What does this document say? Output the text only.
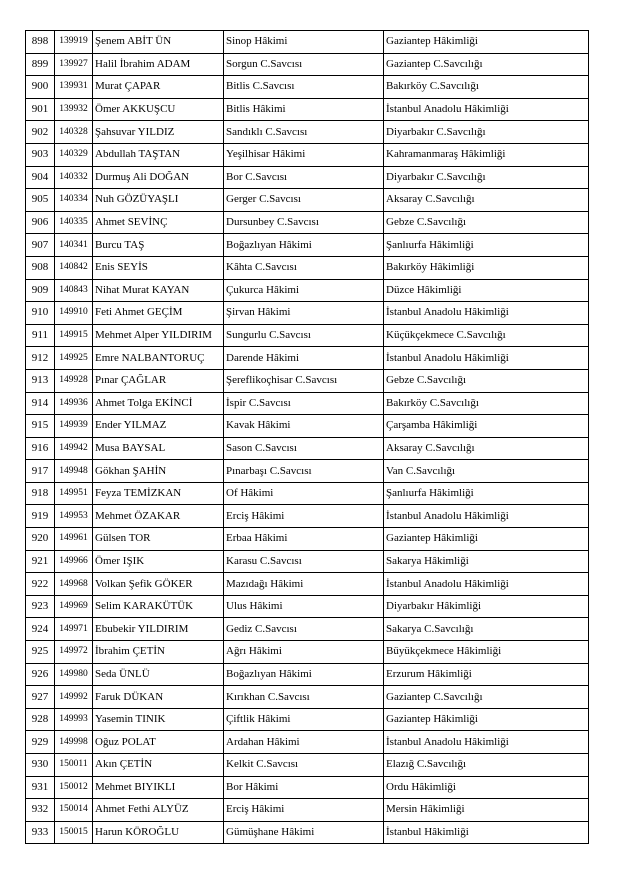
898	139919	Şenem ABİT ÜN	Sinop Hâkimi	Gaziantep Hâkimliği
899	139927	Halil İbrahim ADAM	Sorgun C.Savcısı	Gaziantep C.Savcılığı
900	139931	Murat ÇAPAR	Bitlis C.Savcısı	Bakırköy C.Savcılığı
901	139932	Ömer AKKUŞCU	Bitlis Hâkimi	İstanbul Anadolu Hâkimliği
902	140328	Şahsuvar YILDIZ	Sandıklı C.Savcısı	Diyarbakır C.Savcılığı
903	140329	Abdullah TAŞTAN	Yeşilhisar Hâkimi	Kahramanmaraş Hâkimliği
904	140332	Durmuş Ali DOĞAN	Bor C.Savcısı	Diyarbakır C.Savcılığı
905	140334	Nuh GÖZÜYAŞLI	Gerger C.Savcısı	Aksaray C.Savcılığı
906	140335	Ahmet SEVİNÇ	Dursunbey C.Savcısı	Gebze C.Savcılığı
907	140341	Burcu TAŞ	Boğazlıyan Hâkimi	Şanlıurfa Hâkimliği
908	140842	Enis SEYİS	Kâhta C.Savcısı	Bakırköy Hâkimliği
909	140843	Nihat Murat KAYAN	Çukurca Hâkimi	Düzce Hâkimliği
910	149910	Feti Ahmet GEÇİM	Şirvan Hâkimi	İstanbul Anadolu Hâkimliği
911	149915	Mehmet Alper YILDIRIM	Sungurlu C.Savcısı	Küçükçekmece C.Savcılığı
912	149925	Emre NALBANTORUÇ	Darende Hâkimi	İstanbul Anadolu Hâkimliği
913	149928	Pınar ÇAĞLAR	Şereflikoçhisar C.Savcısı	Gebze C.Savcılığı
914	149936	Ahmet Tolga EKİNCİ	İspir C.Savcısı	Bakırköy C.Savcılığı
915	149939	Ender YILMAZ	Kavak Hâkimi	Çarşamba Hâkimliği
916	149942	Musa BAYSAL	Sason C.Savcısı	Aksaray C.Savcılığı
917	149948	Gökhan ŞAHİN	Pınarbaşı C.Savcısı	Van C.Savcılığı
918	149951	Feyza TEMİZKAN	Of Hâkimi	Şanlıurfa Hâkimliği
919	149953	Mehmet ÖZAKAR	Erciş Hâkimi	İstanbul Anadolu Hâkimliği
920	149961	Gülsen TOR	Erbaa Hâkimi	Gaziantep Hâkimliği
921	149966	Ömer IŞIK	Karasu C.Savcısı	Sakarya Hâkimliği
922	149968	Volkan Şefik GÖKER	Mazıdağı Hâkimi	İstanbul Anadolu Hâkimliği
923	149969	Selim KARAKÜTÜK	Ulus Hâkimi	Diyarbakır Hâkimliği
924	149971	Ebubekir YILDIRIM	Gediz C.Savcısı	Sakarya C.Savcılığı
925	149972	İbrahim ÇETİN	Ağrı Hâkimi	Büyükçekmece Hâkimliği
926	149980	Seda ÜNLÜ	Boğazlıyan Hâkimi	Erzurum Hâkimliği
927	149992	Faruk DÜKAN	Kırıkhan C.Savcısı	Gaziantep C.Savcılığı
928	149993	Yasemin TINIK	Çiftlik Hâkimi	Gaziantep Hâkimliği
929	149998	Oğuz POLAT	Ardahan Hâkimi	İstanbul Anadolu Hâkimliği
930	150011	Akın ÇETİN	Kelkit C.Savcısı	Elazığ C.Savcılığı
931	150012	Mehmet BIYIKLI	Bor Hâkimi	Ordu Hâkimliği
932	150014	Ahmet Fethi ALYÜZ	Erciş Hâkimi	Mersin Hâkimliği
933	150015	Harun KÖROĞLU	Gümüşhane Hâkimi	İstanbul Hâkimliği
